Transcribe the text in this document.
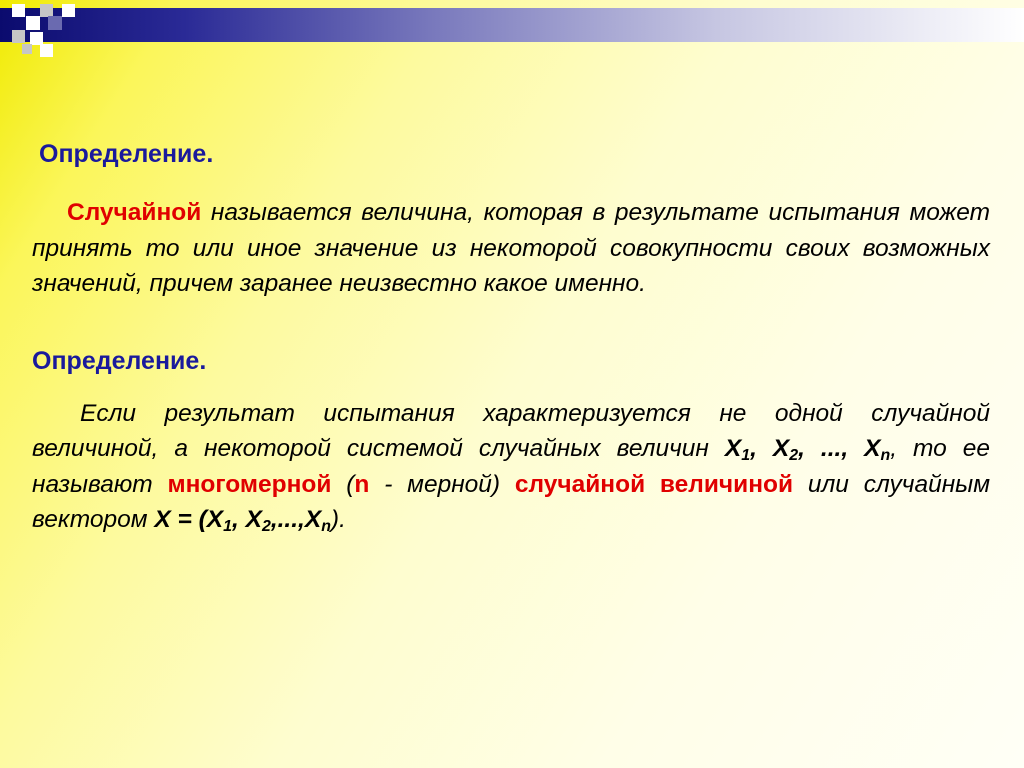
Определение.

Случайной называется величина, которая в результате испытания может принять то или иное значение из некоторой совокупности своих возможных значений, причем заранее неизвестно какое именно.

Определение.

Если результат испытания характеризуется не одной случайной величиной, а некоторой системой случайных величин $X_1$, $X_2$, ..., $X_n$, то ее называют многомерной (n - мерной) случайной величиной или случайным вектором $X = (X_1$, $X_2,...,X_n$).
